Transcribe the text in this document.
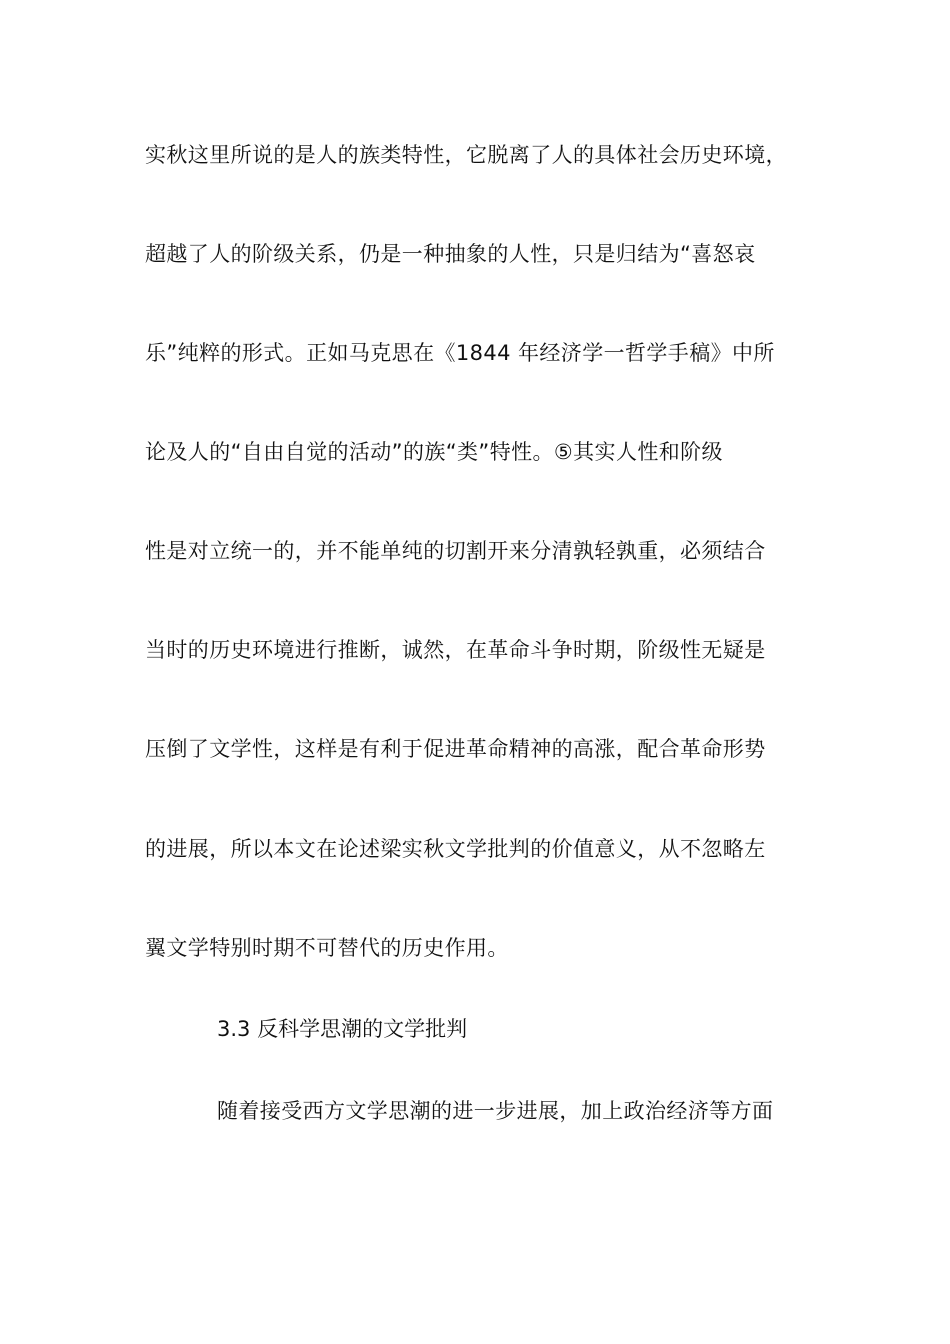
实秋这里所说的是人的族类特性，它脱离了人的具体社会历史环境，
超越了人的阶级关系，仍是一种抽象的人性，只是归结为“喜怒哀
乐”纯粹的形式。正如马克思在《1844 年经济学一哲学手稿》中所
论及人的“自由自觉的活动”的族“类”特性。⑤其实人性和阶级
性是对立统一的，并不能单纯的切割开来分清孰轻孰重，必须结合
当时的历史环境进行推断，诚然，在革命斗争时期，阶级性无疑是
压倒了文学性，这样是有利于促进革命精神的高涨，配合革命形势
的进展，所以本文在论述梁实秋文学批判的价值意义，从不忽略左
翼文学特别时期不可替代的历史作用。
3.3 反科学思潮的文学批判
随着接受西方文学思潮的进一步进展，加上政治经济等方面
